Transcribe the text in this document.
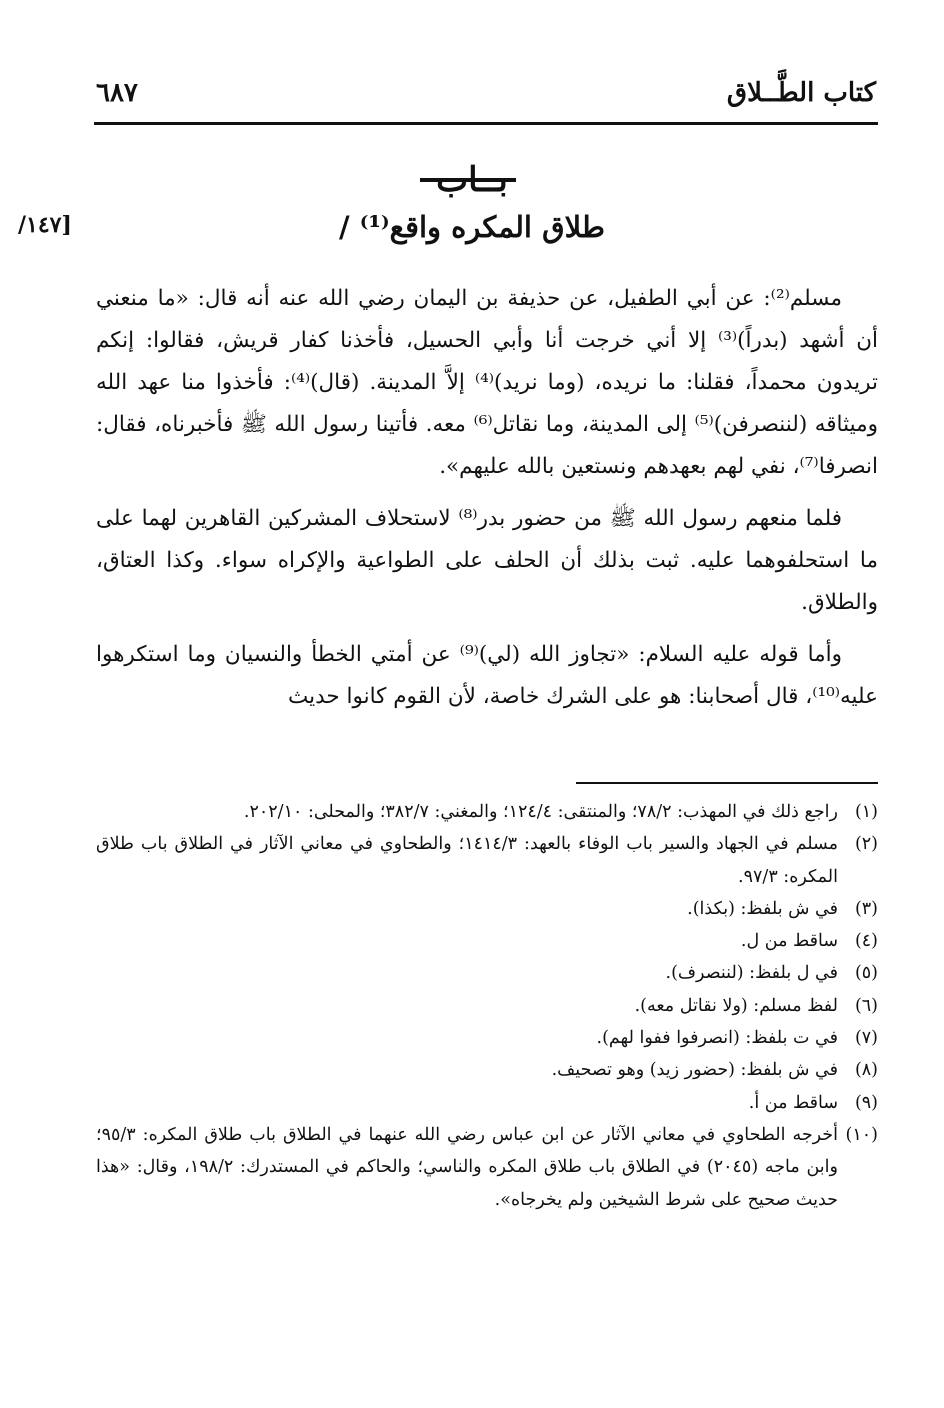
كتاب الطَّــلاق
٦٨٧
بــاب
طلاق المكره واقع⁽¹⁾ /
[١٤٧/

مسلم⁽²⁾: عن أبي الطفيل، عن حذيفة بن اليمان رضي الله عنه أنه قال: «ما منعني أن أشهد (بدراً)⁽³⁾ إلا أني خرجت أنا وأبي الحسيل، فأخذنا كفار قريش، فقالوا: إنكم تريدون محمداً، فقلنا: ما نريده، (وما نريد)⁽⁴⁾ إلاَّ المدينة. (قال)⁽⁴⁾: فأخذوا منا عهد الله وميثاقه (لننصرفن)⁽⁵⁾ إلى المدينة، وما نقاتل⁽⁶⁾ معه. فأتينا رسول الله ﷺ فأخبرناه، فقال: انصرفا⁽⁷⁾، نفي لهم بعهدهم ونستعين بالله عليهم».

فلما منعهم رسول الله ﷺ من حضور بدر⁽⁸⁾ لاستحلاف المشركين القاهرين لهما على ما استحلفوهما عليه. ثبت بذلك أن الحلف على الطواعية والإكراه سواء. وكذا العتاق، والطلاق.

وأما قوله عليه السلام: «تجاوز الله (لي)⁽⁹⁾ عن أمتي الخطأ والنسيان وما استكرهوا عليه⁽¹⁰⁾، قال أصحابنا: هو على الشرك خاصة، لأن القوم كانوا حديث

(١)
راجع ذلك في المهذب: ٧٨/٢؛ والمنتقى: ١٢٤/٤؛ والمغني: ٣٨٢/٧؛ والمحلى: ٢٠٢/١٠.
(٢)
مسلم في الجهاد والسير باب الوفاء بالعهد: ١٤١٤/٣؛ والطحاوي في معاني الآثار في الطلاق باب طلاق المكره: ٩٧/٣.
(٣)
في ش بلفظ: (بكذا).
(٤)
ساقط من ل.
(٥)
في ل بلفظ: (لننصرف).
(٦)
لفظ مسلم: (ولا نقاتل معه).
(٧)
في ت بلفظ: (انصرفوا ففوا لهم).
(٨)
في ش بلفظ: (حضور زيد) وهو تصحيف.
(٩)
ساقط من أ.
(١٠)
أخرجه الطحاوي في معاني الآثار عن ابن عباس رضي الله عنهما في الطلاق باب طلاق المكره: ٩٥/٣؛ وابن ماجه (٢٠٤٥) في الطلاق باب طلاق المكره والناسي؛ والحاكم في المستدرك: ١٩٨/٢، وقال: «هذا حديث صحيح على شرط الشيخين ولم يخرجاه».
